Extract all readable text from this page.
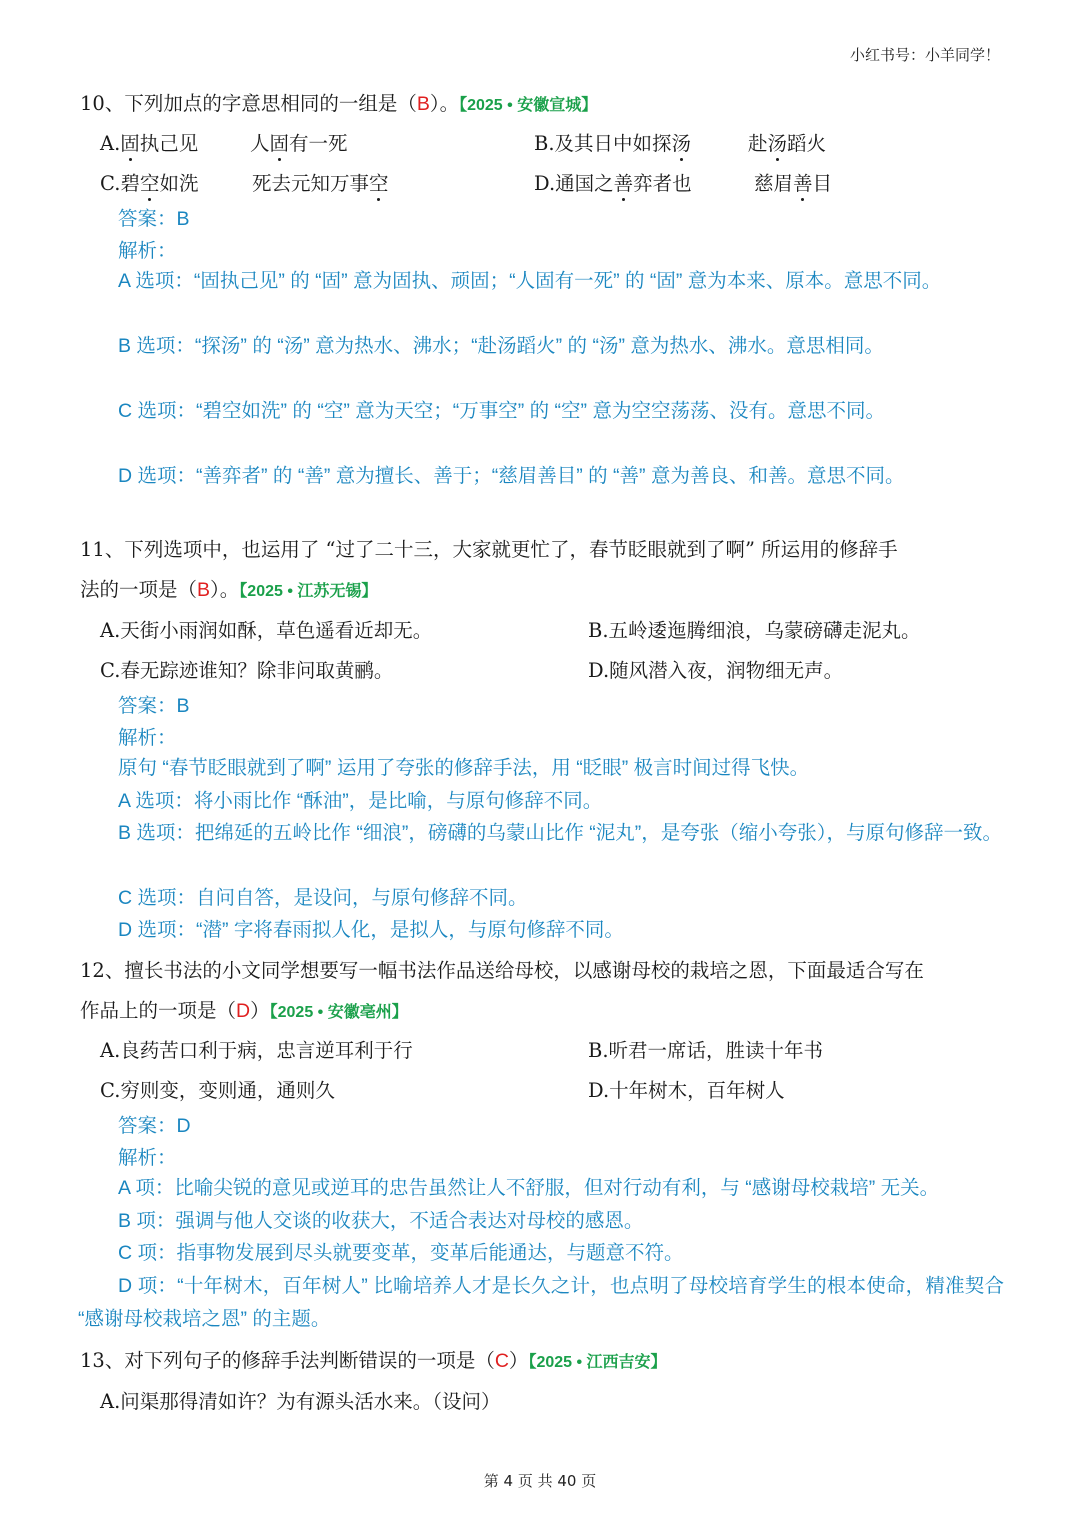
小红书号：小羊同学！
10、下列加点的字意思相同的一组是（B）。【2025 • 安徽宣城】
A.固执己见	人固有一死	B.及其日中如探汤	赴汤蹈火
C.碧空如洗	死去元知万事空	D.通国之善弈者也	慈眉善目
答案：B
解析：
A 选项：“固执己见” 的 “固” 意为固执、顽固；“人固有一死” 的 “固” 意为本来、原本。意思不同。
B 选项：“探汤” 的 “汤” 意为热水、沸水；“赴汤蹈火” 的 “汤” 意为热水、沸水。意思相同。
C 选项：“碧空如洗” 的 “空” 意为天空；“万事空” 的 “空” 意为空空荡荡、没有。意思不同。
D 选项：“善弈者” 的 “善” 意为擅长、善于；“慈眉善目” 的 “善” 意为善良、和善。意思不同。
11、下列选项中，也运用了 “过了二十三，大家就更忙了，春节眨眼就到了啊” 所运用的修辞手
法的一项是（B）。【2025 • 江苏无锡】
A.天街小雨润如酥，草色遥看近却无。	B.五岭逶迤腾细浪，乌蒙磅礴走泥丸。
C.春无踪迹谁知？除非问取黄鹂。	D.随风潜入夜，润物细无声。
答案：B
解析：
原句 “春节眨眼就到了啊” 运用了夸张的修辞手法，用 “眨眼” 极言时间过得飞快。
A 选项：将小雨比作 “酥油”，是比喻，与原句修辞不同。
B 选项：把绵延的五岭比作 “细浪”，磅礴的乌蒙山比作 “泥丸”，是夸张（缩小夸张），与原句修辞一致。
C 选项：自问自答，是设问，与原句修辞不同。
D 选项：“潜” 字将春雨拟人化，是拟人，与原句修辞不同。
12、擅长书法的小文同学想要写一幅书法作品送给母校，以感谢母校的栽培之恩，下面最适合写在
作品上的一项是（D）【2025 • 安徽亳州】
A.良药苦口利于病，忠言逆耳利于行	B.听君一席话，胜读十年书
C.穷则变，变则通，通则久	D.十年树木，百年树人
答案：D
解析：
A 项：比喻尖锐的意见或逆耳的忠告虽然让人不舒服，但对行动有利，与 “感谢母校栽培” 无关。
B 项：强调与他人交谈的收获大，不适合表达对母校的感恩。
C 项：指事物发展到尽头就要变革，变革后能通达，与题意不符。
D 项：“十年树木，百年树人” 比喻培养人才是长久之计，也点明了母校培育学生的根本使命，精准契合 “感谢母校栽培之恩” 的主题。
13、对下列句子的修辞手法判断错误的一项是（C）【2025 • 江西吉安】
A.问渠那得清如许？为有源头活水来。（设问）
第 4 页 共 40 页
